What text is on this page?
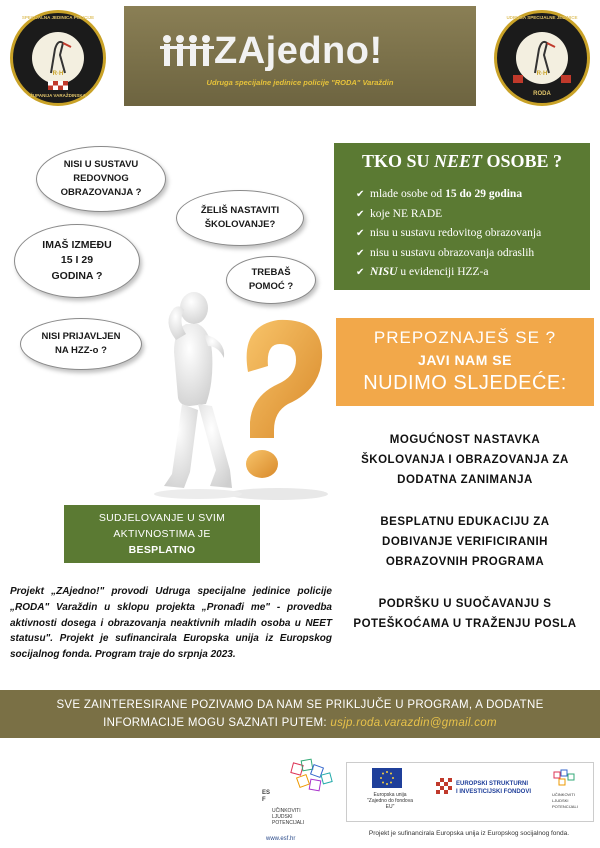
R·H
SPECIJALNA JEDINICA POLICIJE
ŽUPANIJA VARAŽDINSKA
R·H
UDRUGA SPECIJALNE JEDINICE
RODA
ZAjedno!
Udruga specijalne jedinice policije "RODA" Varaždin
NISI U SUSTAVU
REDOVNOG
OBRAZOVANJA ?
ŽELIŠ NASTAVITI
ŠKOLOVANJE?
IMAŠ IZMEĐU
15 I 29
GODINA ?	TREBAŠ
POMOĆ ?
NISI PRIJAVLJEN
NA HZZ-o ?
TKO SU NEET OSOBE ?
✔ mlade osobe od 15 do 29 godina
✔ koje NE RADE
✔ nisu u sustavu redovitog obrazovanja
✔ nisu u sustavu obrazovanja odraslih
✔ NISU u evidenciji HZZ-a
PREPOZNAJEŠ SE ?
JAVI NAM SE
NUDIMO SLJEDEĆE:
MOGUĆNOST NASTAVKA
ŠKOLOVANJA I OBRAZOVANJA ZA
DODATNA ZANIMANJA
BESPLATNU EDUKACIJU ZA
DOBIVANJE VERIFICIRANIH
OBRAZOVNIH PROGRAMA
PODRŠKU U SUOČAVANJU S
POTEŠKOĆAMA U TRAŽENJU POSLA
SUDJELOVANJE U SVIM
AKTIVNOSTIMA JE
BESPLATNO
Projekt „ZAjedno!" provodi Udruga specijalne jedinice policije „RODA" Varaždin u sklopu projekta „Pronađi me" - provedba aktivnosti dosega i obrazovanja neaktivnih mladih osoba u NEET statusu". Projekt je sufinancirala Europska unija iz Europskog socijalnog fonda. Program traje do srpnja 2023.
SVE ZAINTERESIRANE POZIVAMO DA NAM SE PRIKLJUČE U PROGRAM, A DODATNE
INFORMACIJE MOGU SAZNATI PUTEM: usjp.roda.varazdin@gmail.com
ESF
UČINKOVITI
LJUDSKI
POTENCIJALI
www.esf.hr
Europska unija
"Zajedno do fondova EU"
EUROPSKI STRUKTURNI
I INVESTICIJSKI FONDOVI	UČINKOVITI
LJUDSKI
POTENCIJALI
Projekt je sufinancirala Europska unija iz Europskog socijalnog fonda.
